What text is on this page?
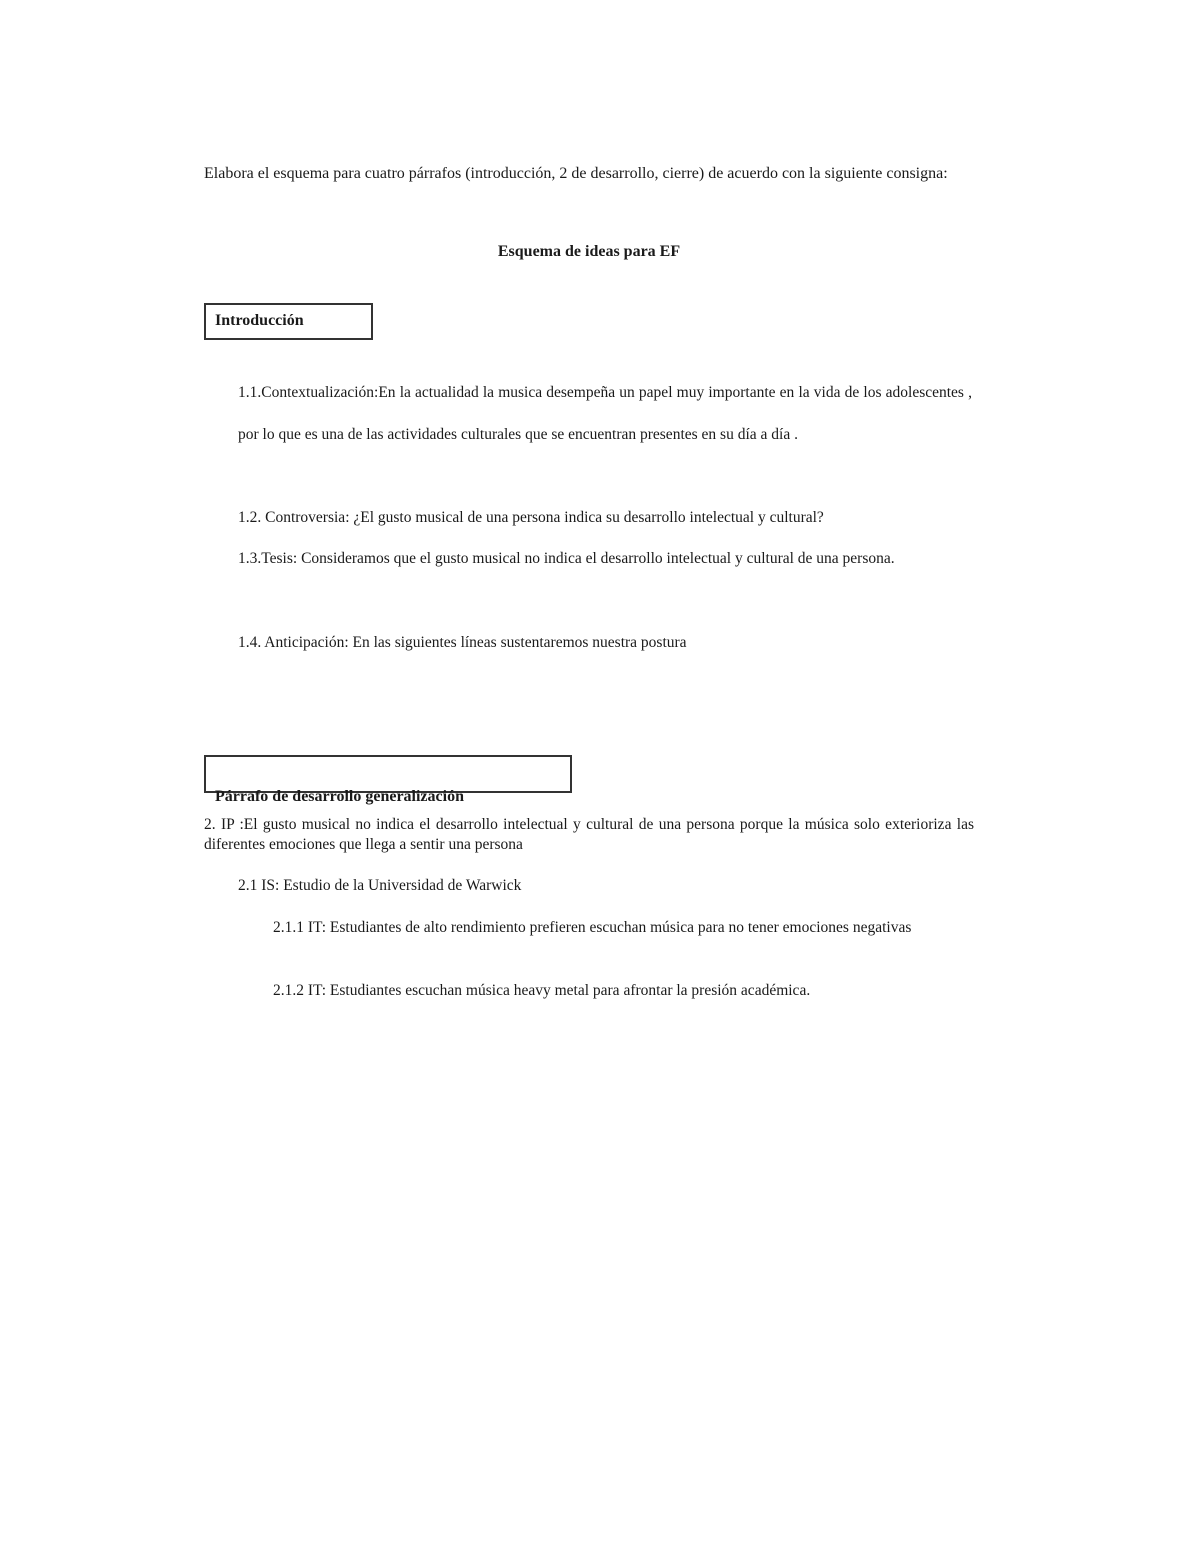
Elabora el esquema para cuatro párrafos (introducción, 2 de desarrollo, cierre) de acuerdo con la siguiente consigna:
Esquema de ideas para EF
Introducción
1.1.Contextualización:En la actualidad la musica desempeña un papel muy importante en la vida de los adolescentes , por lo que es una de las actividades culturales que se encuentran presentes en su día a día .
1.2. Controversia: ¿El gusto musical de una persona indica su desarrollo intelectual y cultural?
1.3.Tesis: Consideramos que el gusto musical no indica el desarrollo intelectual y cultural de una persona.
1.4. Anticipación: En las siguientes líneas sustentaremos nuestra postura
Párrafo de desarrollo generalización
2. IP :El gusto musical no indica el desarrollo intelectual y cultural de una persona porque la música solo exterioriza las diferentes emociones que llega a sentir una persona
2.1 IS: Estudio de la Universidad de Warwick
2.1.1 IT: Estudiantes de alto rendimiento prefieren escuchan música para no tener emociones negativas
2.1.2 IT: Estudiantes escuchan música heavy metal para afrontar la presión académica.
